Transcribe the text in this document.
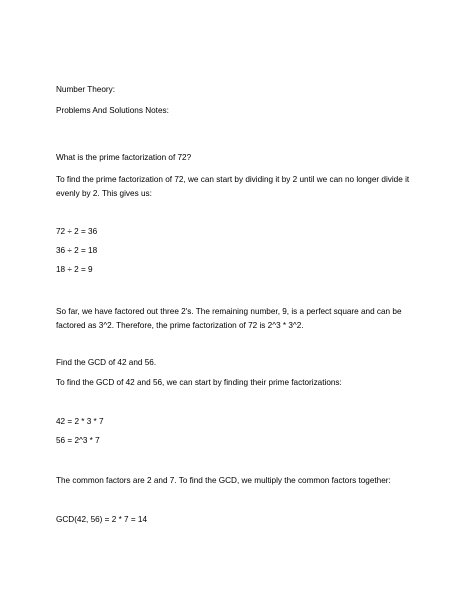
Number Theory:

Problems And Solutions Notes:

What is the prime factorization of 72?

To find the prime factorization of 72, we can start by dividing it by 2 until we can no longer divide it evenly by 2. This gives us:

72 ÷ 2 = 36

36 ÷ 2 = 18

18 ÷ 2 = 9

So far, we have factored out three 2's. The remaining number, 9, is a perfect square and can be factored as 3^2. Therefore, the prime factorization of 72 is 2^3 * 3^2.

Find the GCD of 42 and 56.

To find the GCD of 42 and 56, we can start by finding their prime factorizations:

42 = 2 * 3 * 7

56 = 2^3 * 7

The common factors are 2 and 7. To find the GCD, we multiply the common factors together:

GCD(42, 56) = 2 * 7 = 14
